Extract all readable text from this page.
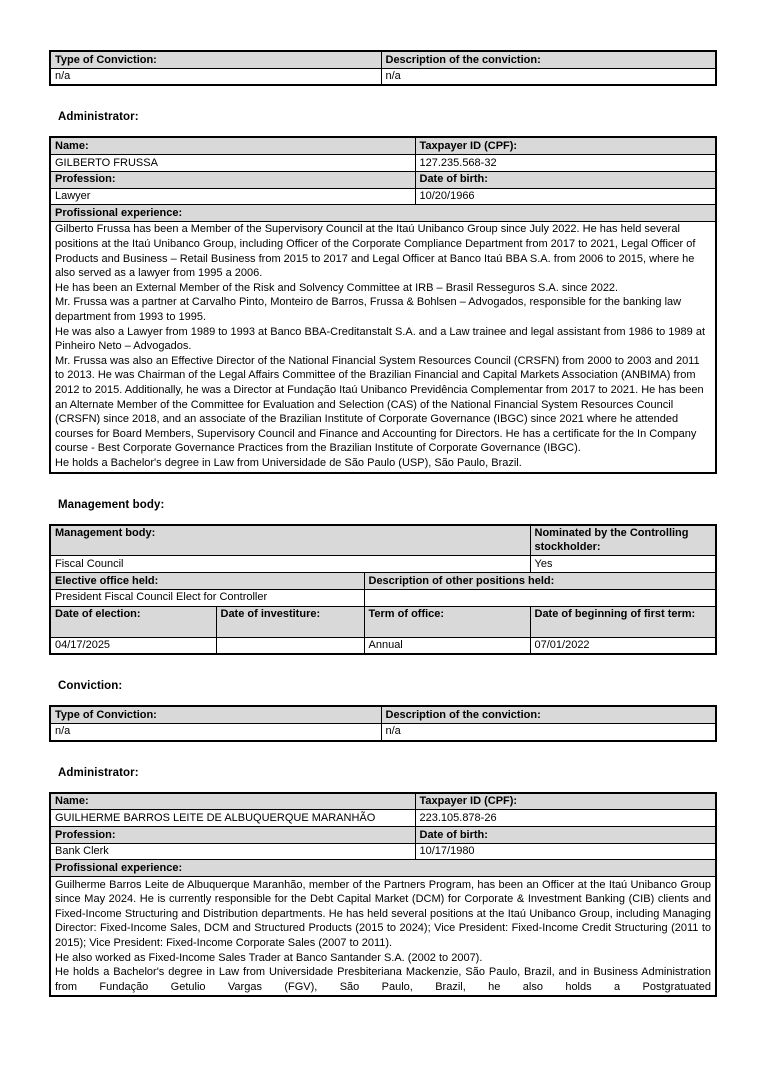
Type of Conviction:	Description of the conviction:
n/a	n/a
Administrator:
Name:	Taxpayer ID (CPF):
GILBERTO FRUSSA	127.235.568-32
Profession:	Date of birth:
Lawyer	10/20/1966
Profissional experience:	

Gilberto Frussa has been a Member of the Supervisory Council at the Itaú Unibanco Group since July 2022. He has held several positions at the Itaú Unibanco Group, including Officer of the Corporate Compliance Department from 2017 to 2021, Legal Officer of Products and Business – Retail Business from 2015 to 2017 and Legal Officer at Banco Itaú BBA S.A. from 2006 to 2015, where he also served as a lawyer from 1995 a 2006.

He has been an External Member of the Risk and Solvency Committee at IRB – Brasil Resseguros S.A. since 2022.

Mr. Frussa was a partner at Carvalho Pinto, Monteiro de Barros, Frussa & Bohlsen – Advogados, responsible for the banking law department from 1993 to 1995.

He was also a Lawyer from 1989 to 1993 at Banco BBA-Creditanstalt S.A. and a Law trainee and legal assistant from 1986 to 1989 at Pinheiro Neto – Advogados.

Mr. Frussa was also an Effective Director of the National Financial System Resources Council (CRSFN) from 2000 to 2003 and 2011 to 2013. He was Chairman of the Legal Affairs Committee of the Brazilian Financial and Capital Markets Association (ANBIMA) from 2012 to 2015. Additionally, he was a Director at Fundação Itaú Unibanco Previdência Complementar from 2017 to 2021. He has been an Alternate Member of the Committee for Evaluation and Selection (CAS) of the National Financial System Resources Council (CRSFN) since 2018, and an associate of the Brazilian Institute of Corporate Governance (IBGC) since 2021 where he attended courses for Board Members, Supervisory Council and Finance and Accounting for Directors. He has a certificate for the In Company course - Best Corporate Governance Practices from the Brazilian Institute of Corporate Governance (IBGC).

He holds a Bachelor's degree in Law from Universidade de São Paulo (USP), São Paulo, Brazil.

Management body:
Management body:			Nominated by the Controlling stockholder:
Fiscal Council			Yes
Elective office held:		Description of other positions held:	
President Fiscal Council Elect for Controller			
Date of election:	Date of investiture:	Term of office:	Date of beginning of first term:
04/17/2025		Annual	07/01/2022
Conviction:
Type of Conviction:	Description of the conviction:
n/a	n/a
Administrator:
Name:	Taxpayer ID (CPF):
GUILHERME BARROS LEITE DE ALBUQUERQUE MARANHÃO	223.105.878-26
Profession:	Date of birth:
Bank Clerk	10/17/1980
Profissional experience:	

Guilherme Barros Leite de Albuquerque Maranhão, member of the Partners Program, has been an Officer at the Itaú Unibanco Group since May 2024. He is currently responsible for the Debt Capital Market (DCM) for Corporate & Investment Banking (CIB) clients and Fixed-Income Structuring and Distribution departments. He has held several positions at the Itaú Unibanco Group, including Managing Director: Fixed-Income Sales, DCM and Structured Products (2015 to 2024); Vice President: Fixed-Income Credit Structuring (2011 to 2015); Vice President: Fixed-Income Corporate Sales (2007 to 2011).

He also worked as Fixed-Income Sales Trader at Banco Santander S.A. (2002 to 2007).

He holds a Bachelor's degree in Law from Universidade Presbiteriana Mackenzie, São Paulo, Brazil, and in Business Administration from Fundação Getulio Vargas (FGV), São Paulo, Brazil, he also holds a Postgratuated	
